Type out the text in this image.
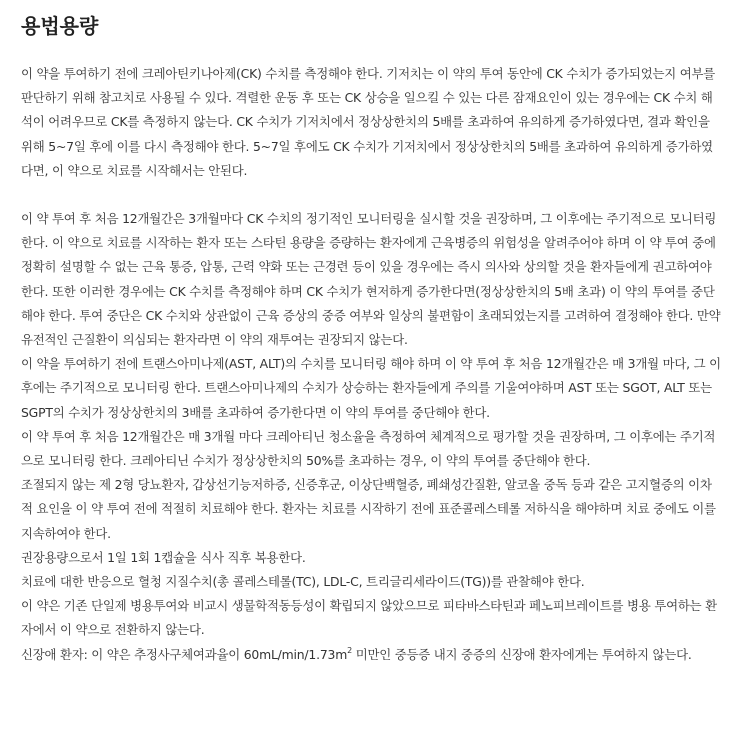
용법용량

이 약을 투여하기 전에 크레아틴키나아제(CK) 수치를 측정해야 한다. 기저치는 이 약의 투여 동안에 CK 수치가 증가되었는지 여부를 판단하기 위해 참고치로 사용될 수 있다. 격렬한 운동 후 또는 CK 상승을 일으킬 수 있는 다른 잠재요인이 있는 경우에는 CK 수치 해석이 어려우므로 CK를 측정하지 않는다. CK 수치가 기저치에서 정상상한치의 5배를 초과하여 유의하게 증가하였다면, 결과 확인을 위해 5~7일 후에 이를 다시 측정해야 한다. 5~7일 후에도 CK 수치가 기저치에서 정상상한치의 5배를 초과하여 유의하게 증가하였다면, 이 약으로 치료를 시작해서는 안된다.

이 약 투여 후 처음 12개월간은 3개월마다 CK 수치의 정기적인 모니터링을 실시할 것을 권장하며, 그 이후에는 주기적으로 모니터링 한다. 이 약으로 치료를 시작하는 환자 또는 스타틴 용량을 증량하는 환자에게 근육병증의 위험성을 알려주어야 하며 이 약 투여 중에 정확히 설명할 수 없는 근육 통증, 압통, 근력 약화 또는 근경련 등이 있을 경우에는 즉시 의사와 상의할 것을 환자들에게 권고하여야 한다. 또한 이러한 경우에는 CK 수치를 측정해야 하며 CK 수치가 현저하게 증가한다면(정상상한치의 5배 초과) 이 약의 투여를 중단해야 한다. 투여 중단은 CK 수치와 상관없이 근육 증상의 중증 여부와 일상의 불편함이 초래되었는지를 고려하여 결정해야 한다. 만약 유전적인 근질환이 의심되는 환자라면 이 약의 재투여는 권장되지 않는다.

이 약을 투여하기 전에 트랜스아미나제(AST, ALT)의 수치를 모니터링 해야 하며 이 약 투여 후 처음 12개월간은 매 3개월 마다, 그 이후에는 주기적으로 모니터링 한다. 트랜스아미나제의 수치가 상승하는 환자들에게 주의를 기울여야하며 AST 또는 SGOT, ALT 또는 SGPT의 수치가 정상상한치의 3배를 초과하여 증가한다면 이 약의 투여를 중단해야 한다.

이 약 투여 후 처음 12개월간은 매 3개월 마다 크레아티닌 청소율을 측정하여 체계적으로 평가할 것을 권장하며, 그 이후에는 주기적으로 모니터링 한다. 크레아티닌 수치가 정상상한치의 50%를 초과하는 경우, 이 약의 투여를 중단해야 한다.

조절되지 않는 제 2형 당뇨환자, 갑상선기능저하증, 신증후군, 이상단백혈증, 폐쇄성간질환, 알코올 중독 등과 같은 고지혈증의 이차적 요인을 이 약 투여 전에 적절히 치료해야 한다. 환자는 치료를 시작하기 전에 표준콜레스테롤 저하식을 해야하며 치료 중에도 이를 지속하여야 한다.

권장용량으로서 1일 1회 1캡슐을 식사 직후 복용한다.

치료에 대한 반응으로 혈청 지질수치(총 콜레스테롤(TC), LDL-C, 트리글리세라이드(TG))를 관찰해야 한다.

이 약은 기존 단일제 병용투여와 비교시 생물학적동등성이 확립되지 않았으므로 피타바스타틴과 페노피브레이트를 병용 투여하는 환자에서 이 약으로 전환하지 않는다.

신장애 환자: 이 약은 추정사구체여과율이 $60mL/\min/1.73m^2$ 미만인 중등증 내지 중증의 신장애 환자에게는 투여하지 않는다.
